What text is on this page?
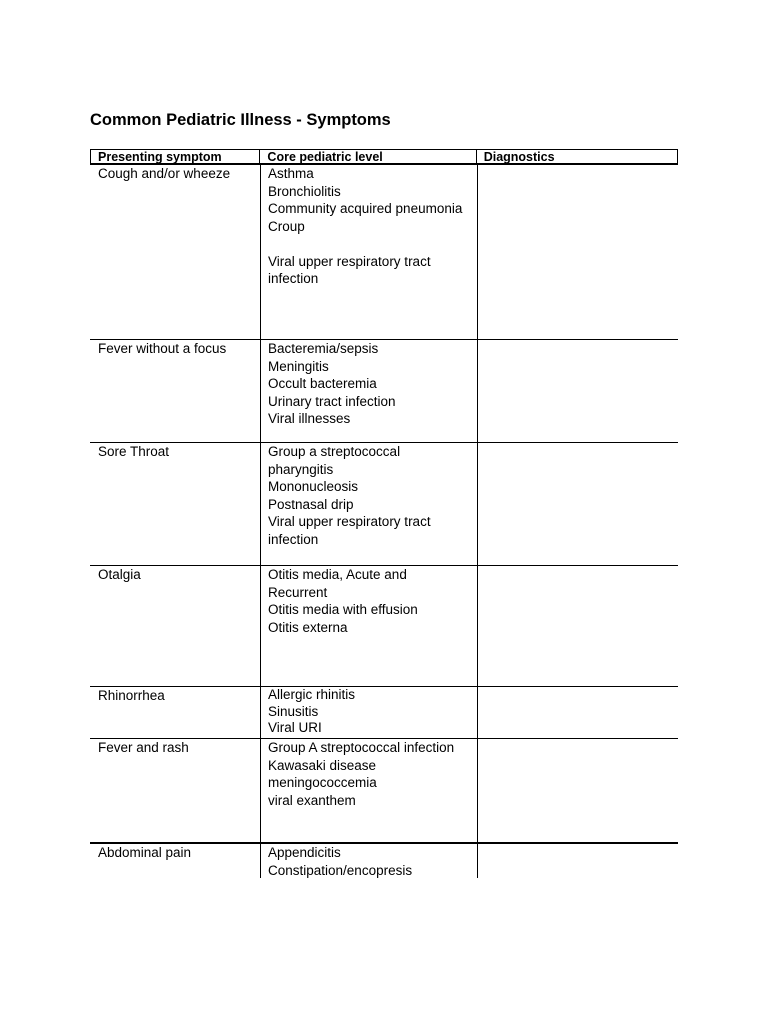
Common Pediatric Illness - Symptoms
Presenting symptom	Core pediatric level	Diagnostics
Cough and/or wheeze	Asthma
Bronchiolitis
Community acquired pneumonia
Croup
Viral upper respiratory tract
infection
Fever without a focus	Bacteremia/sepsis
Meningitis
Occult bacteremia
Urinary tract infection
Viral illnesses
Sore Throat	Group a streptococcal
pharyngitis
Mononucleosis
Postnasal drip
Viral upper respiratory tract
infection
Otalgia	Otitis media, Acute and
Recurrent
Otitis media with effusion
Otitis externa
Rhinorrhea	Allergic rhinitis
Sinusitis
Viral URI
Fever and rash	Group A streptococcal infection
Kawasaki disease
meningococcemia
viral exanthem
Abdominal pain	Appendicitis
Constipation/encopresis
